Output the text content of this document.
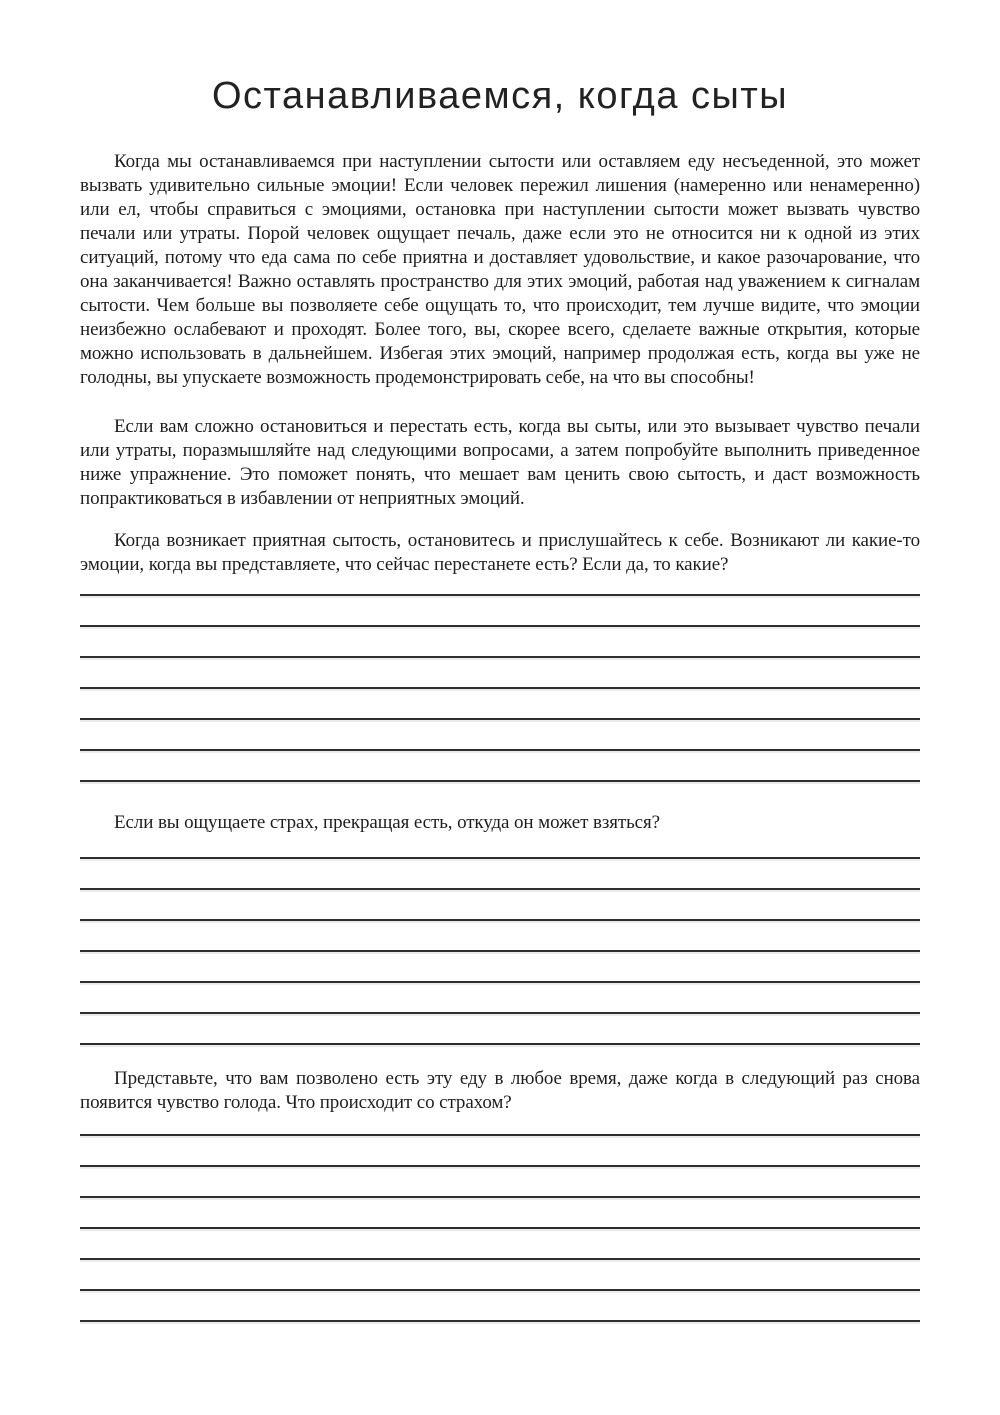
Останавливаемся, когда сыты

Когда мы останавливаемся при наступлении сытости или оставляем еду несъеденной, это может вызвать удивительно сильные эмоции! Если человек пережил лишения (намеренно или ненамеренно) или ел, чтобы справиться с эмоциями, остановка при наступлении сытости может вызвать чувство печали или утраты. Порой человек ощущает печаль, даже если это не относится ни к одной из этих ситуаций, потому что еда сама по себе приятна и доставляет удовольствие, и какое разочарование, что она заканчивается! Важно оставлять пространство для этих эмоций, работая над уважением к сигналам сытости. Чем больше вы позволяете себе ощущать то, что происходит, тем лучше видите, что эмоции неизбежно ослабевают и проходят. Более того, вы, скорее всего, сделаете важные открытия, которые можно использовать в дальнейшем. Избегая этих эмоций, например продолжая есть, когда вы уже не голодны, вы упускаете возможность продемонстрировать себе, на что вы способны!

Если вам сложно остановиться и перестать есть, когда вы сыты, или это вызывает чувство печали или утраты, поразмышляйте над следующими вопросами, а затем попробуйте выполнить приведенное ниже упражнение. Это поможет понять, что мешает вам ценить свою сытость, и даст возможность попрактиковаться в избавлении от неприятных эмоций.

Когда возникает приятная сытость, остановитесь и прислушайтесь к себе. Возникают ли какие-то эмоции, когда вы представляете, что сейчас перестанете есть? Если да, то какие?

Если вы ощущаете страх, прекращая есть, откуда он может взяться?

Представьте, что вам позволено есть эту еду в любое время, даже когда в следующий раз снова появится чувство голода. Что происходит со страхом?
